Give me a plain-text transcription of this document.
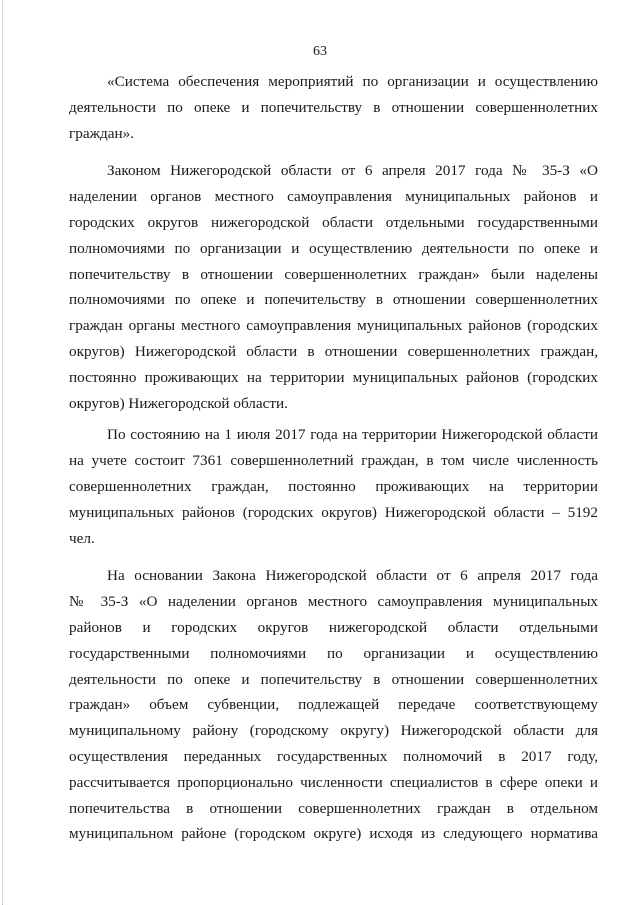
63
«Система обеспечения мероприятий по организации и осуществлению
деятельности по опеке и попечительству в отношении совершеннолетних
граждан».
Законом Нижегородской области от 6 апреля 2017 года № 35-З «О
наделении органов местного самоуправления муниципальных районов и
городских округов нижегородской области отдельными государственными
полномочиями по организации и осуществлению деятельности по опеке и
попечительству в отношении совершеннолетних граждан» были наделены
полномочиями по опеке и попечительству в отношении совершеннолетних
граждан органы местного самоуправления муниципальных районов (городских
округов) Нижегородской области в отношении совершеннолетних граждан,
постоянно проживающих на территории муниципальных районов (городских
округов) Нижегородской области.
По состоянию на 1 июля 2017 года на территории Нижегородской области
на учете состоит 7361 совершеннолетний граждан, в том числе численность
совершеннолетних граждан, постоянно проживающих на территории
муниципальных районов (городских округов) Нижегородской области – 5192
чел.
На основании Закона Нижегородской области от 6 апреля 2017 года
№ 35-З «О наделении органов местного самоуправления муниципальных
районов и городских округов нижегородской области отдельными
государственными полномочиями по организации и осуществлению
деятельности по опеке и попечительству в отношении совершеннолетних
граждан» объем субвенции, подлежащей передаче соответствующему
муниципальному району (городскому округу) Нижегородской области для
осуществления переданных государственных полномочий в 2017 году,
рассчитывается пропорционально численности специалистов в сфере опеки и
попечительства в отношении совершеннолетних граждан в отдельном
муниципальном районе (городском округе) исходя из следующего норматива
